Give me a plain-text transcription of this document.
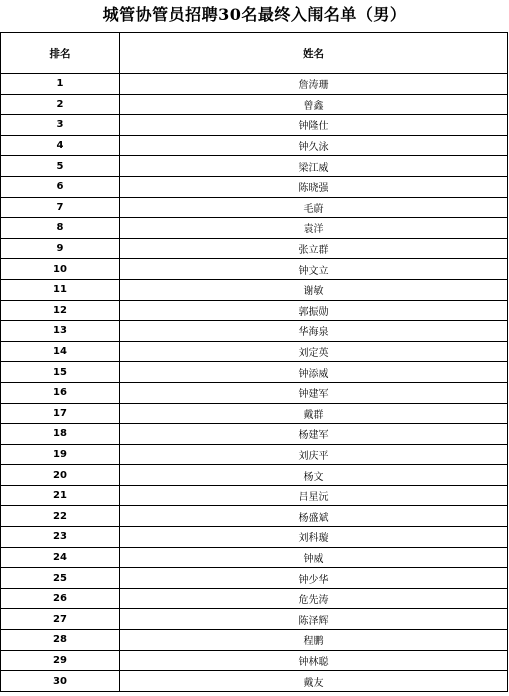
城管协管员招聘30名最终入闱名单（男）
排名	姓名
1	詹涛珊
2	曾鑫
3	钟隆仕
4	钟久泳
5	梁江威
6	陈晓强
7	毛蔚
8	袁洋
9	张立群
10	钟文立
11	谢敏
12	郭振勋
13	华海泉
14	刘定英
15	钟添威
16	钟建军
17	戴群
18	杨建军
19	刘庆平
20	杨文
21	吕星沅
22	杨盛斌
23	刘科璇
24	钟威
25	钟少华
26	危先涛
27	陈泽辉
28	程鹏
29	钟林聪
30	戴友
